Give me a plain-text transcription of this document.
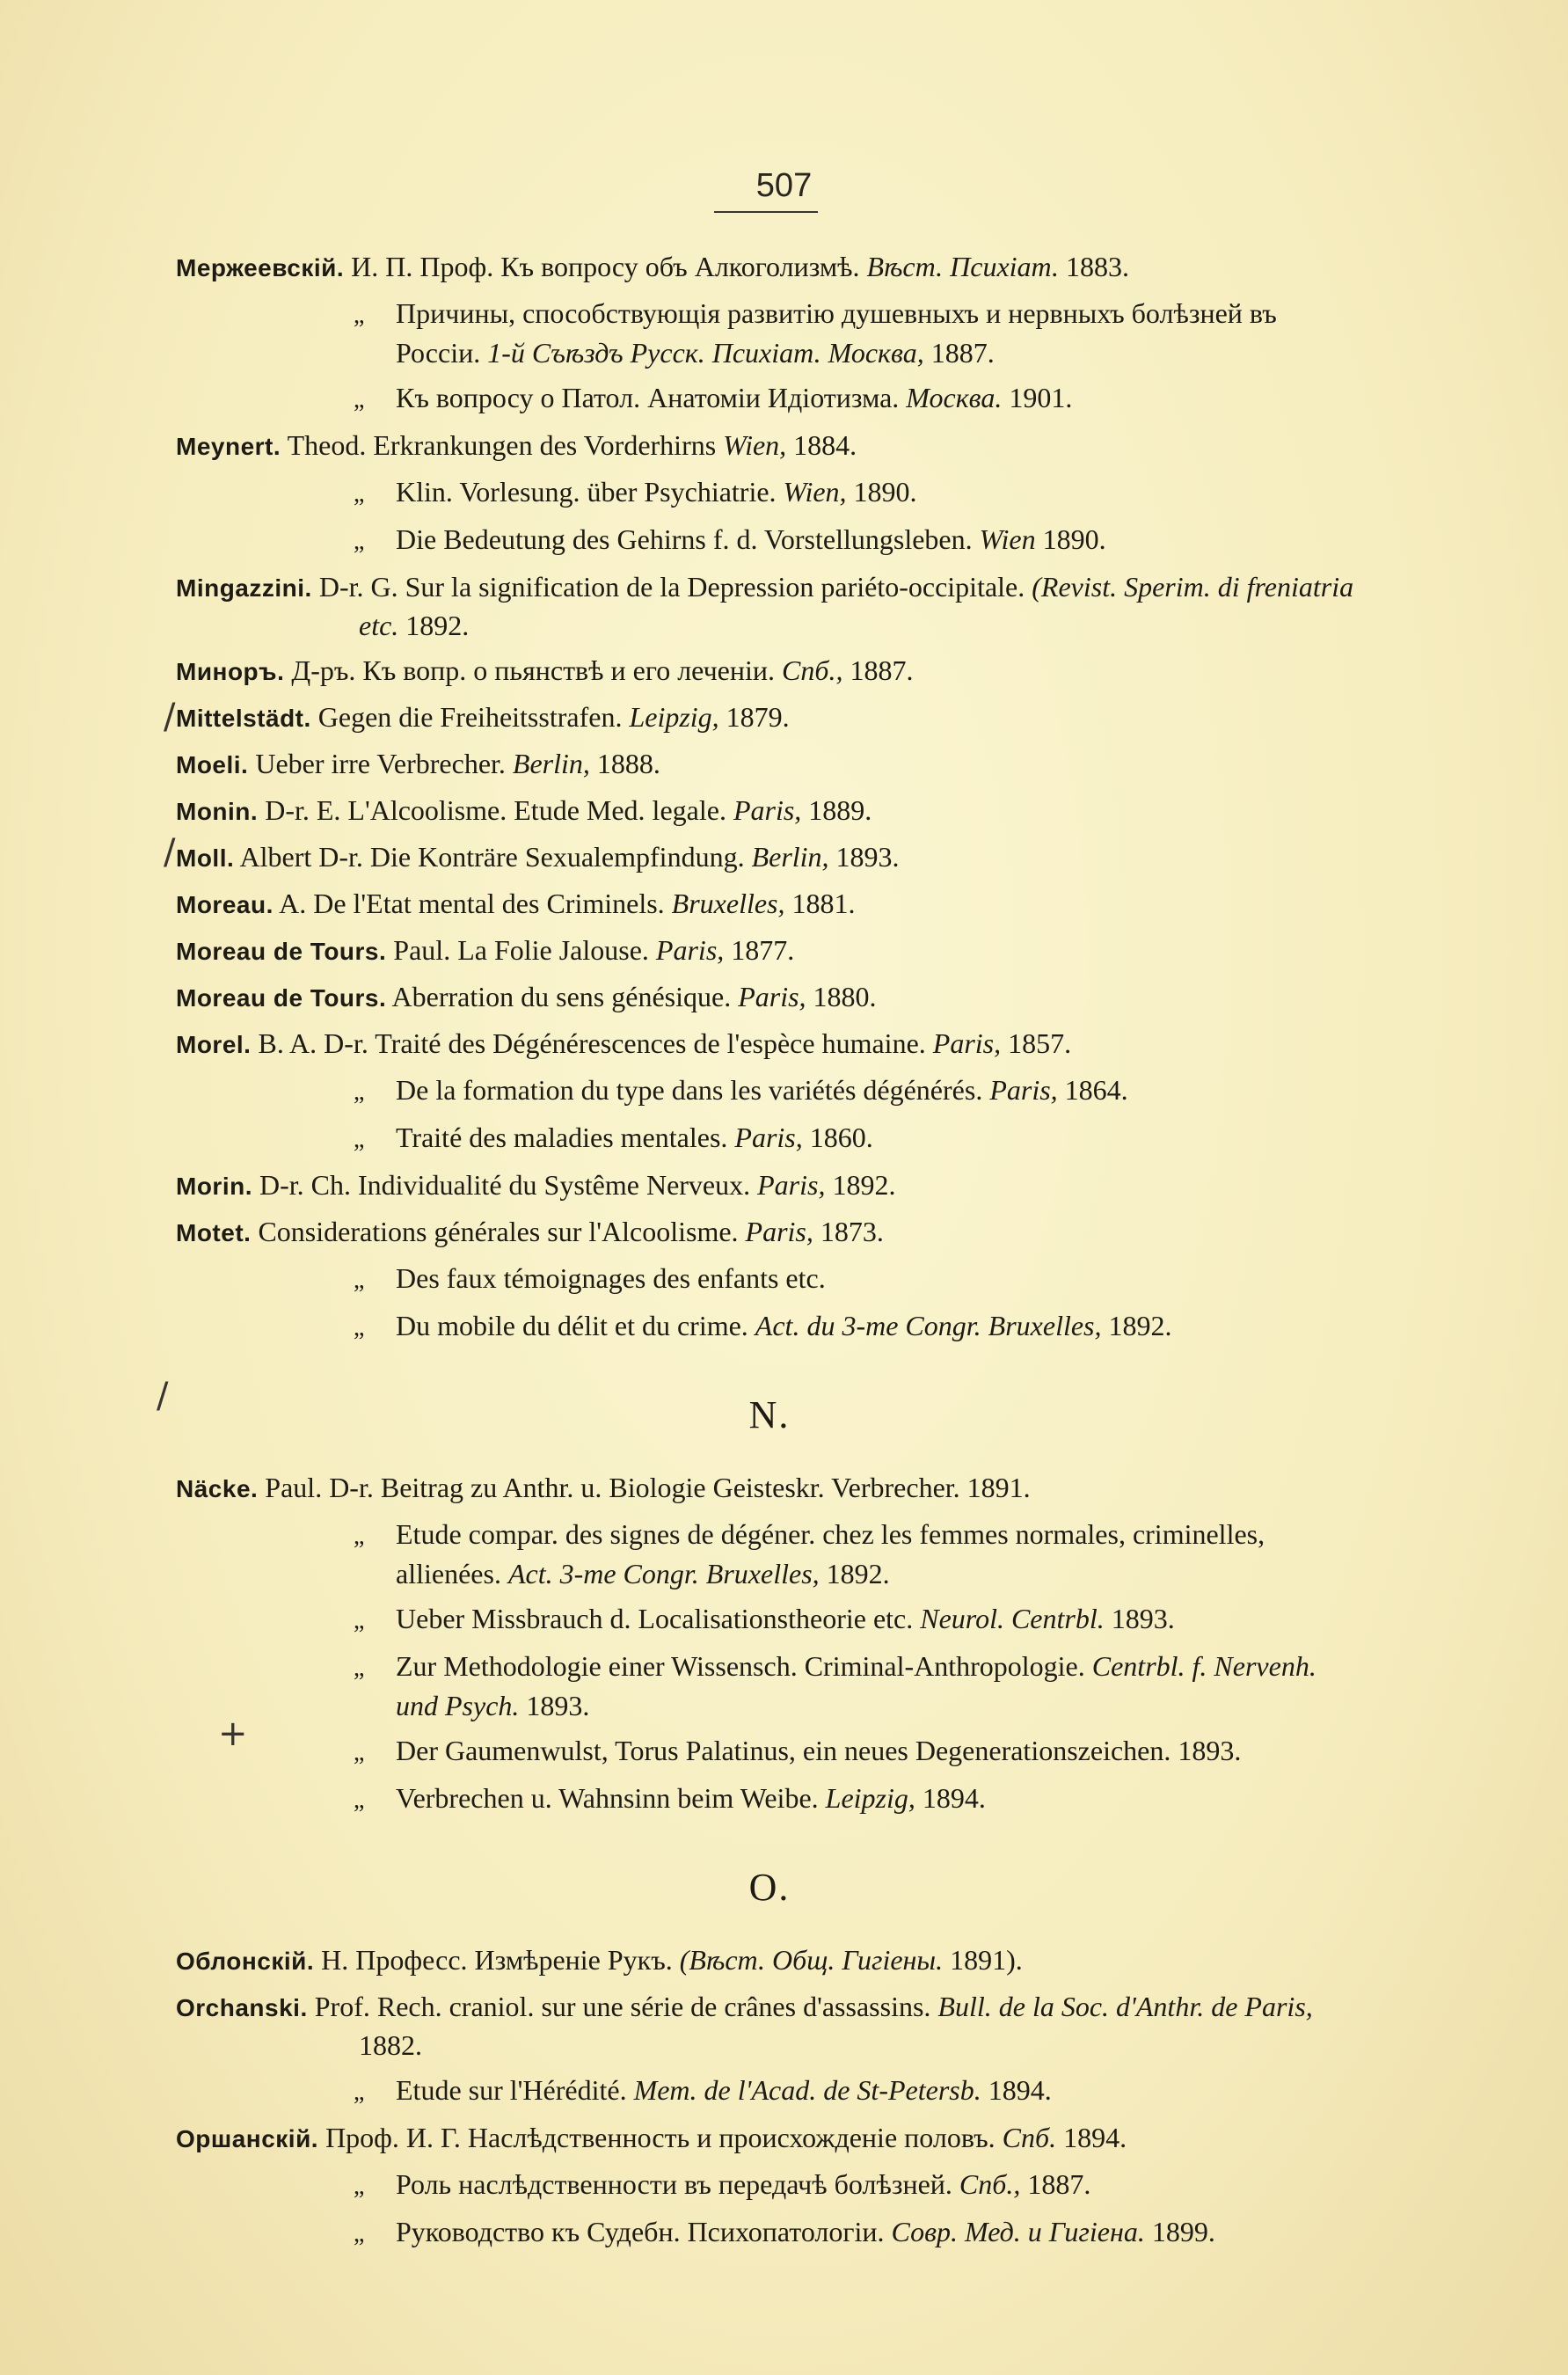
507
Мержеевскій. И. П. Проф. Къ вопросу объ Алкоголизмѣ. Вѣст. Психіат. 1883.
„ Причины, способствующія развитію душевныхъ и нервныхъ болѣзней въ Россіи. 1-й Съѣздъ Русск. Психіат. Москва, 1887.
„ Къ вопросу о Патол. Анатоміи Идіотизма. Москва. 1901.
Meynert. Theod. Erkrankungen des Vorderhirns Wien, 1884.
„ Klin. Vorlesung. über Psychiatrie. Wien, 1890.
„ Die Bedeutung des Gehirns f. d. Vorstellungsleben. Wien 1890.
Mingazzini. D-r. G. Sur la signification de la Depression pariéto-occipitale. (Revist. Sperim. di freniatria etc. 1892.
Миноръ. Д-ръ. Къ вопр. о пьянствѣ и его леченіи. Спб., 1887.
Mittelstädt. Gegen die Freiheitsstrafen. Leipzig, 1879.
Moeli. Ueber irre Verbrecher. Berlin, 1888.
Monin. D-r. E. L'Alcoolisme. Etude Med. legale. Paris, 1889.
Moll. Albert D-r. Die Konträre Sexualempfindung. Berlin, 1893.
Moreau. A. De l'Etat mental des Criminels. Bruxelles, 1881.
Moreau de Tours. Paul. La Folie Jalouse. Paris, 1877.
Moreau de Tours. Aberration du sens génésique. Paris, 1880.
Morel. B. A. D-r. Traité des Dégénérescences de l'espèce humaine. Paris, 1857.
„ De la formation du type dans les variétés dégénérés. Paris, 1864.
„ Traité des maladies mentales. Paris, 1860.
Morin. D-r. Ch. Individualité du Systême Nerveux. Paris, 1892.
Motet. Considerations générales sur l'Alcoolisme. Paris, 1873.
„ Des faux témoignages des enfants etc.
„ Du mobile du délit et du crime. Act. du 3-me Congr. Bruxelles, 1892.
N.
Näcke. Paul. D-r. Beitrag zu Anthr. u. Biologie Geisteskr. Verbrecher. 1891.
„ Etude compar. des signes de dégéner. chez les femmes normales, criminelles, allienées. Act. 3-me Congr. Bruxelles, 1892.
„ Ueber Missbrauch d. Localisationstheorie etc. Neurol. Centrbl. 1893.
„ Zur Methodologie einer Wissensch. Criminal-Anthropologie. Centrbl. f. Nervenh. und Psych. 1893.
„ Der Gaumenwulst, Torus Palatinus, ein neues Degenerationszeichen. 1893.
„ Verbrechen u. Wahnsinn beim Weibe. Leipzig, 1894.
O.
Облонскій. Н. Професс. Измѣреніе Рукъ. (Вѣст. Общ. Гигіены. 1891).
Orchanski. Prof. Rech. craniol. sur une série de crânes d'assassins. Bull. de la Soc. d'Anthr. de Paris, 1882.
„ Etude sur l'Hérédité. Mem. de l'Acad. de St-Petersb. 1894.
Оршанскій. Проф. И. Г. Наслѣдственность и происхожденіе половъ. Спб. 1894.
„ Роль наслѣдственности въ передачѣ болѣзней. Спб., 1887.
„ Руководство къ Судебн. Психопатологіи. Совр. Мед. и Гигіена. 1899.
/
/
/
+
